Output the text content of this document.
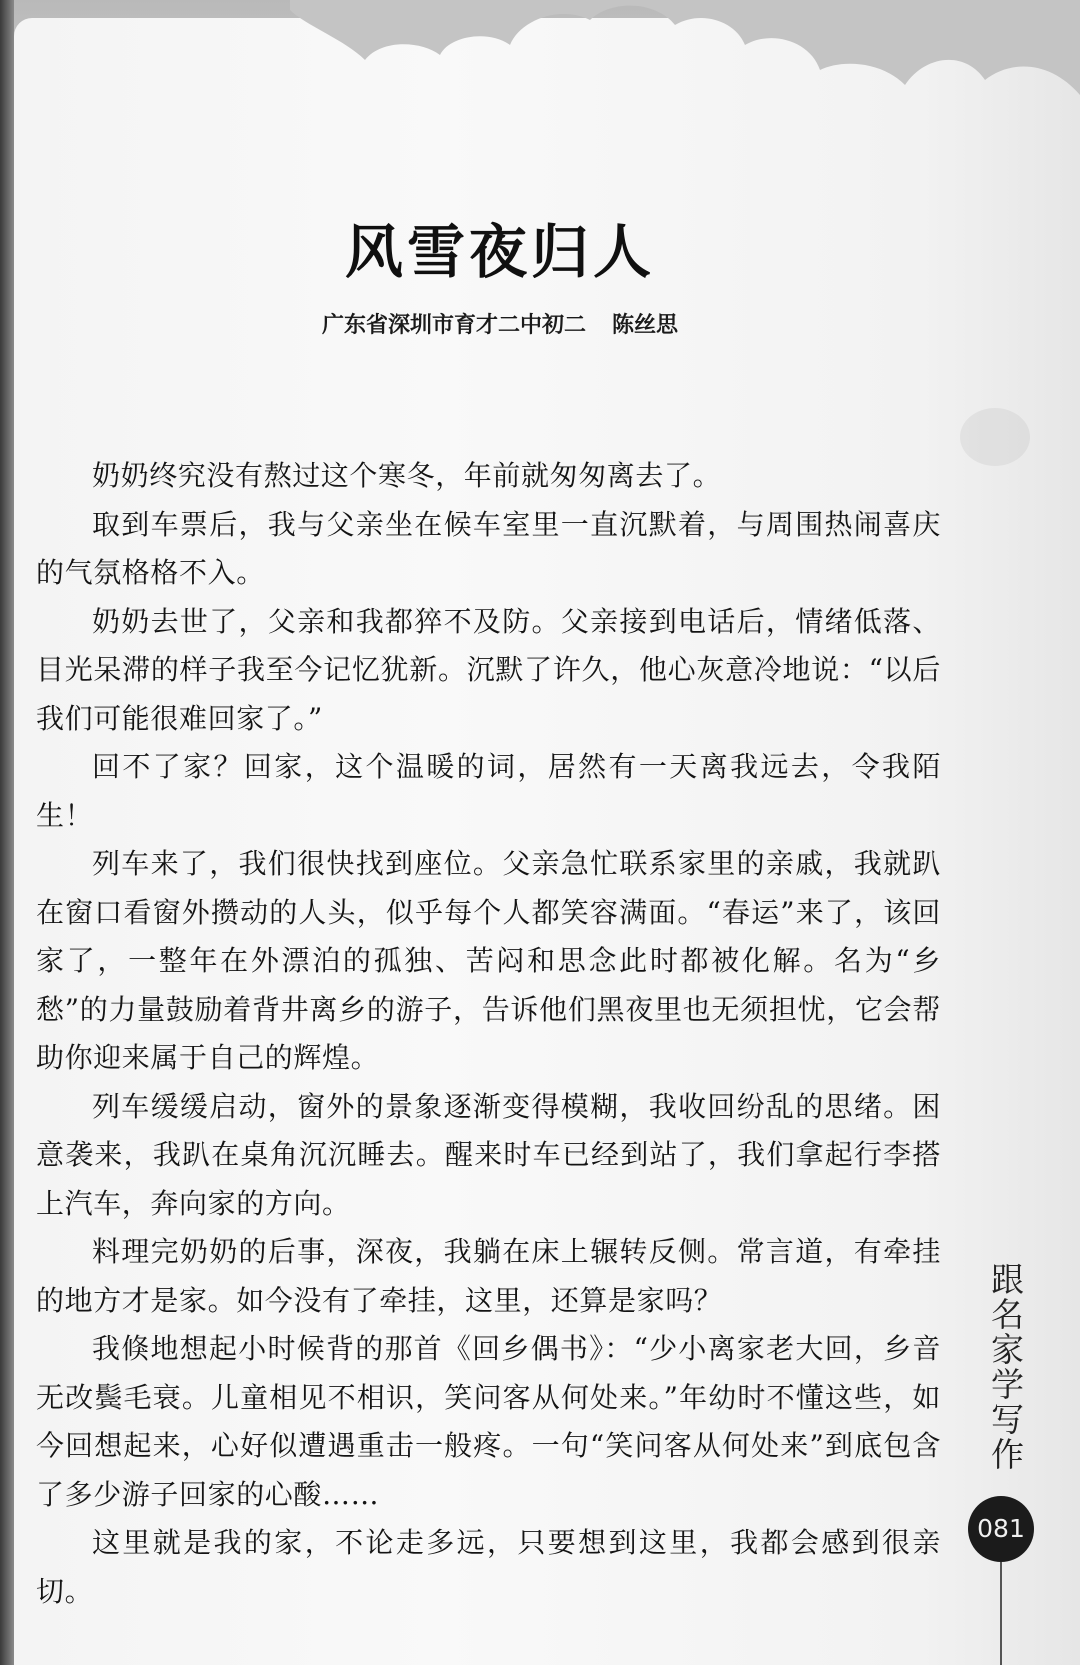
风雪夜归人
广东省深圳市育才二中初二 陈丝思

奶奶终究没有熬过这个寒冬，年前就匆匆离去了。

取到车票后，我与父亲坐在候车室里一直沉默着，与周围热闹喜庆的气氛格格不入。

奶奶去世了，父亲和我都猝不及防。父亲接到电话后，情绪低落、目光呆滞的样子我至今记忆犹新。沉默了许久，他心灰意冷地说：“以后我们可能很难回家了。”

回不了家？回家，这个温暖的词，居然有一天离我远去，令我陌生！

列车来了，我们很快找到座位。父亲急忙联系家里的亲戚，我就趴在窗口看窗外攒动的人头，似乎每个人都笑容满面。“春运”来了，该回家了，一整年在外漂泊的孤独、苦闷和思念此时都被化解。名为“乡愁”的力量鼓励着背井离乡的游子，告诉他们黑夜里也无须担忧，它会帮助你迎来属于自己的辉煌。

列车缓缓启动，窗外的景象逐渐变得模糊，我收回纷乱的思绪。困意袭来，我趴在桌角沉沉睡去。醒来时车已经到站了，我们拿起行李搭上汽车，奔向家的方向。

料理完奶奶的后事，深夜，我躺在床上辗转反侧。常言道，有牵挂的地方才是家。如今没有了牵挂，这里，还算是家吗？

我倏地想起小时候背的那首《回乡偶书》：“少小离家老大回，乡音无改鬓毛衰。儿童相见不相识，笑问客从何处来。”年幼时不懂这些，如今回想起来，心好似遭遇重击一般疼。一句“笑问客从何处来”到底包含了多少游子回家的心酸……

这里就是我的家，不论走多远，只要想到这里，我都会感到很亲切。

跟名家学写作
081
